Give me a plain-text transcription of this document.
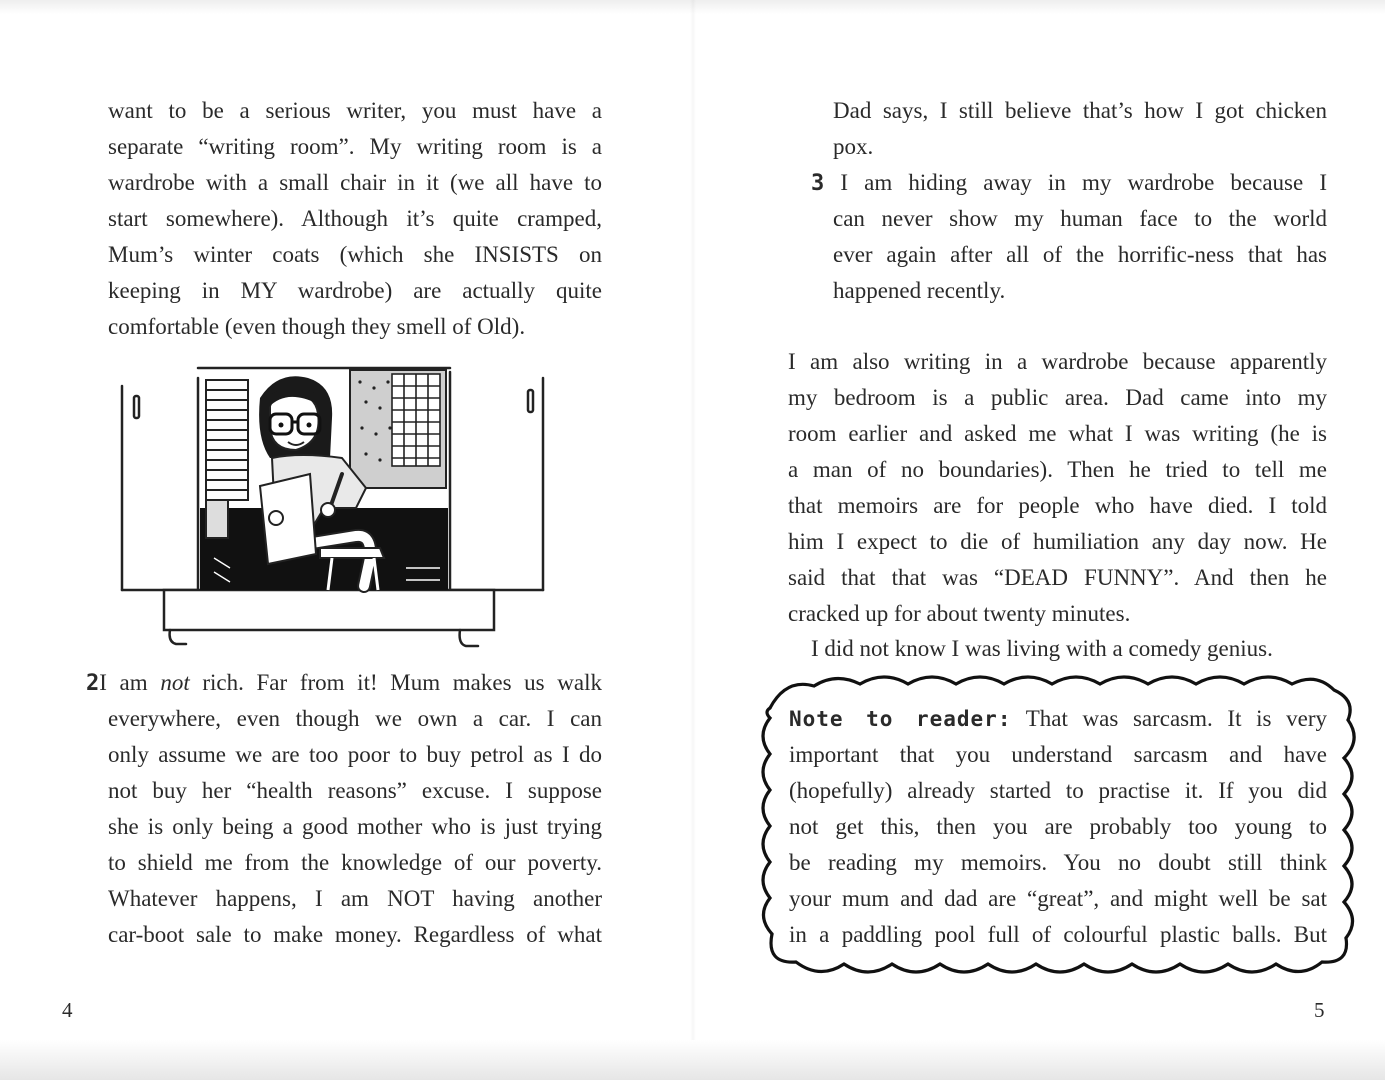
want to be a serious writer, you must have a
separate “writing room”. My writing room is a
wardrobe with a small chair in it (we all have to
start somewhere). Although it’s quite cramped,
Mum’s winter coats (which she INSISTS on
keeping in MY wardrobe) are actually quite
comfortable (even though they smell of Old).
2I am not rich. Far from it! Mum makes us walk
everywhere, even though we own a car. I can
only assume we are too poor to buy petrol as I do
not buy her “health reasons” excuse. I suppose
she is only being a good mother who is just trying
to shield me from the knowledge of our poverty.
Whatever happens, I am NOT having another
car-boot sale to make money. Regardless of what
4
Dad says, I still believe that’s how I got chicken
pox.
3 I am hiding away in my wardrobe because I
can never show my human face to the world
ever again after all of the horrific-ness that has
happened recently.
I am also writing in a wardrobe because apparently
my bedroom is a public area. Dad came into my
room earlier and asked me what I was writing (he is
a man of no boundaries). Then he tried to tell me
that memoirs are for people who have died. I told
him I expect to die of humiliation any day now. He
said that that was “DEAD FUNNY”. And then he
cracked up for about twenty minutes.
I did not know I was living with a comedy genius.
Note to reader: That was sarcasm. It is very
important that you understand sarcasm and have
(hopefully) already started to practise it. If you did
not get this, then you are probably too young to
be reading my memoirs. You no doubt still think
your mum and dad are “great”, and might well be sat
in a paddling pool full of colourful plastic balls. But
5
